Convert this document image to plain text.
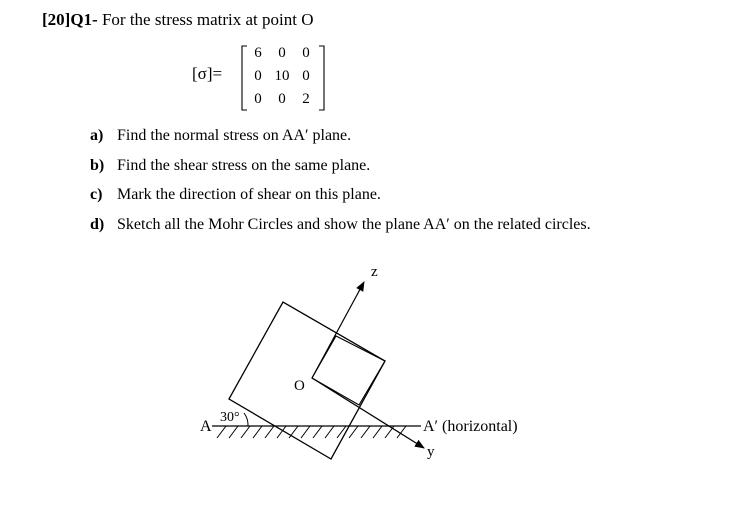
[20]Q1- For the stress matrix at point O
[σ]=
6	0	0
0 10 0
0	0	2
a) Find the normal stress on AA′ plane.
b) Find the shear stress on the same plane.
c) Mark the direction of shear on this plane.
d) Sketch all the Mohr Circles and show the plane AA′ on the related circles.
z
y
O
A	A′ (horizontal)
30°
